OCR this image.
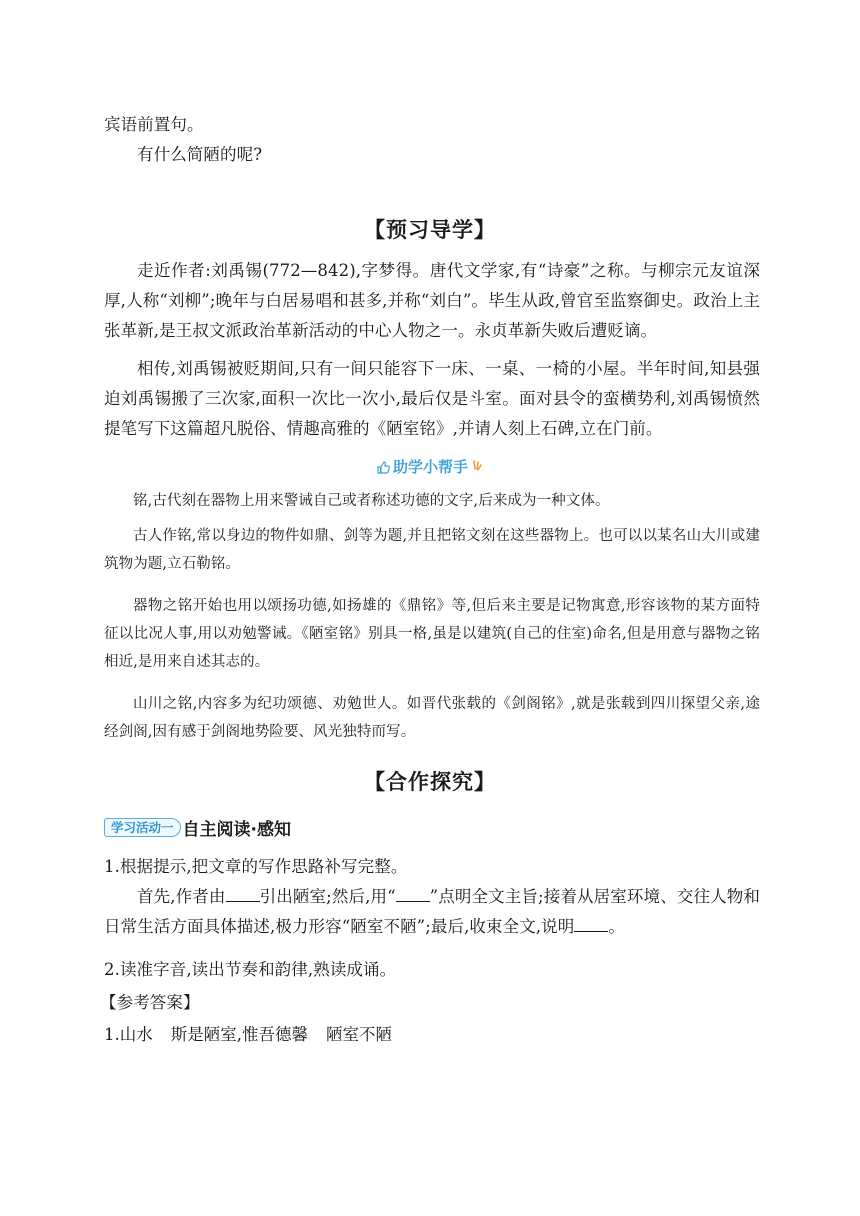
宾语前置句。
有什么简陋的呢?
【预习导学】
走近作者:刘禹锡(772—842),字梦得。唐代文学家,有“诗豪”之称。与柳宗元友谊深厚,人称“刘柳”;晚年与白居易唱和甚多,并称“刘白”。毕生从政,曾官至监察御史。政治上主张革新,是王叔文派政治革新活动的中心人物之一。永贞革新失败后遭贬谪。
相传,刘禹锡被贬期间,只有一间只能容下一床、一桌、一椅的小屋。半年时间,知县强迫刘禹锡搬了三次家,面积一次比一次小,最后仅是斗室。面对县令的蛮横势利,刘禹锡愤然提笔写下这篇超凡脱俗、情趣高雅的《陋室铭》,并请人刻上石碑,立在门前。
助学小帮手
铭,古代刻在器物上用来警诫自己或者称述功德的文字,后来成为一种文体。
古人作铭,常以身边的物件如鼎、剑等为题,并且把铭文刻在这些器物上。也可以以某名山大川或建筑物为题,立石勒铭。
器物之铭开始也用以颂扬功德,如扬雄的《鼎铭》等,但后来主要是记物寓意,形容该物的某方面特征以比况人事,用以劝勉警诫。《陋室铭》别具一格,虽是以建筑(自己的住室)命名,但是用意与器物之铭相近,是用来自述其志的。
山川之铭,内容多为纪功颂德、劝勉世人。如晋代张载的《剑阁铭》,就是张载到四川探望父亲,途经剑阁,因有感于剑阁地势险要、风光独特而写。
【合作探究】
学习活动一 自主阅读·感知
1.根据提示,把文章的写作思路补写完整。
首先,作者由 引出陋室;然后,用“ ”点明全文主旨;接着从居室环境、交往人物和日常生活方面具体描述,极力形容“陋室不陋”;最后,收束全文,说明 。
2.读准字音,读出节奏和韵律,熟读成诵。
【参考答案】
1.山水 斯是陋室,惟吾德馨 陋室不陋
